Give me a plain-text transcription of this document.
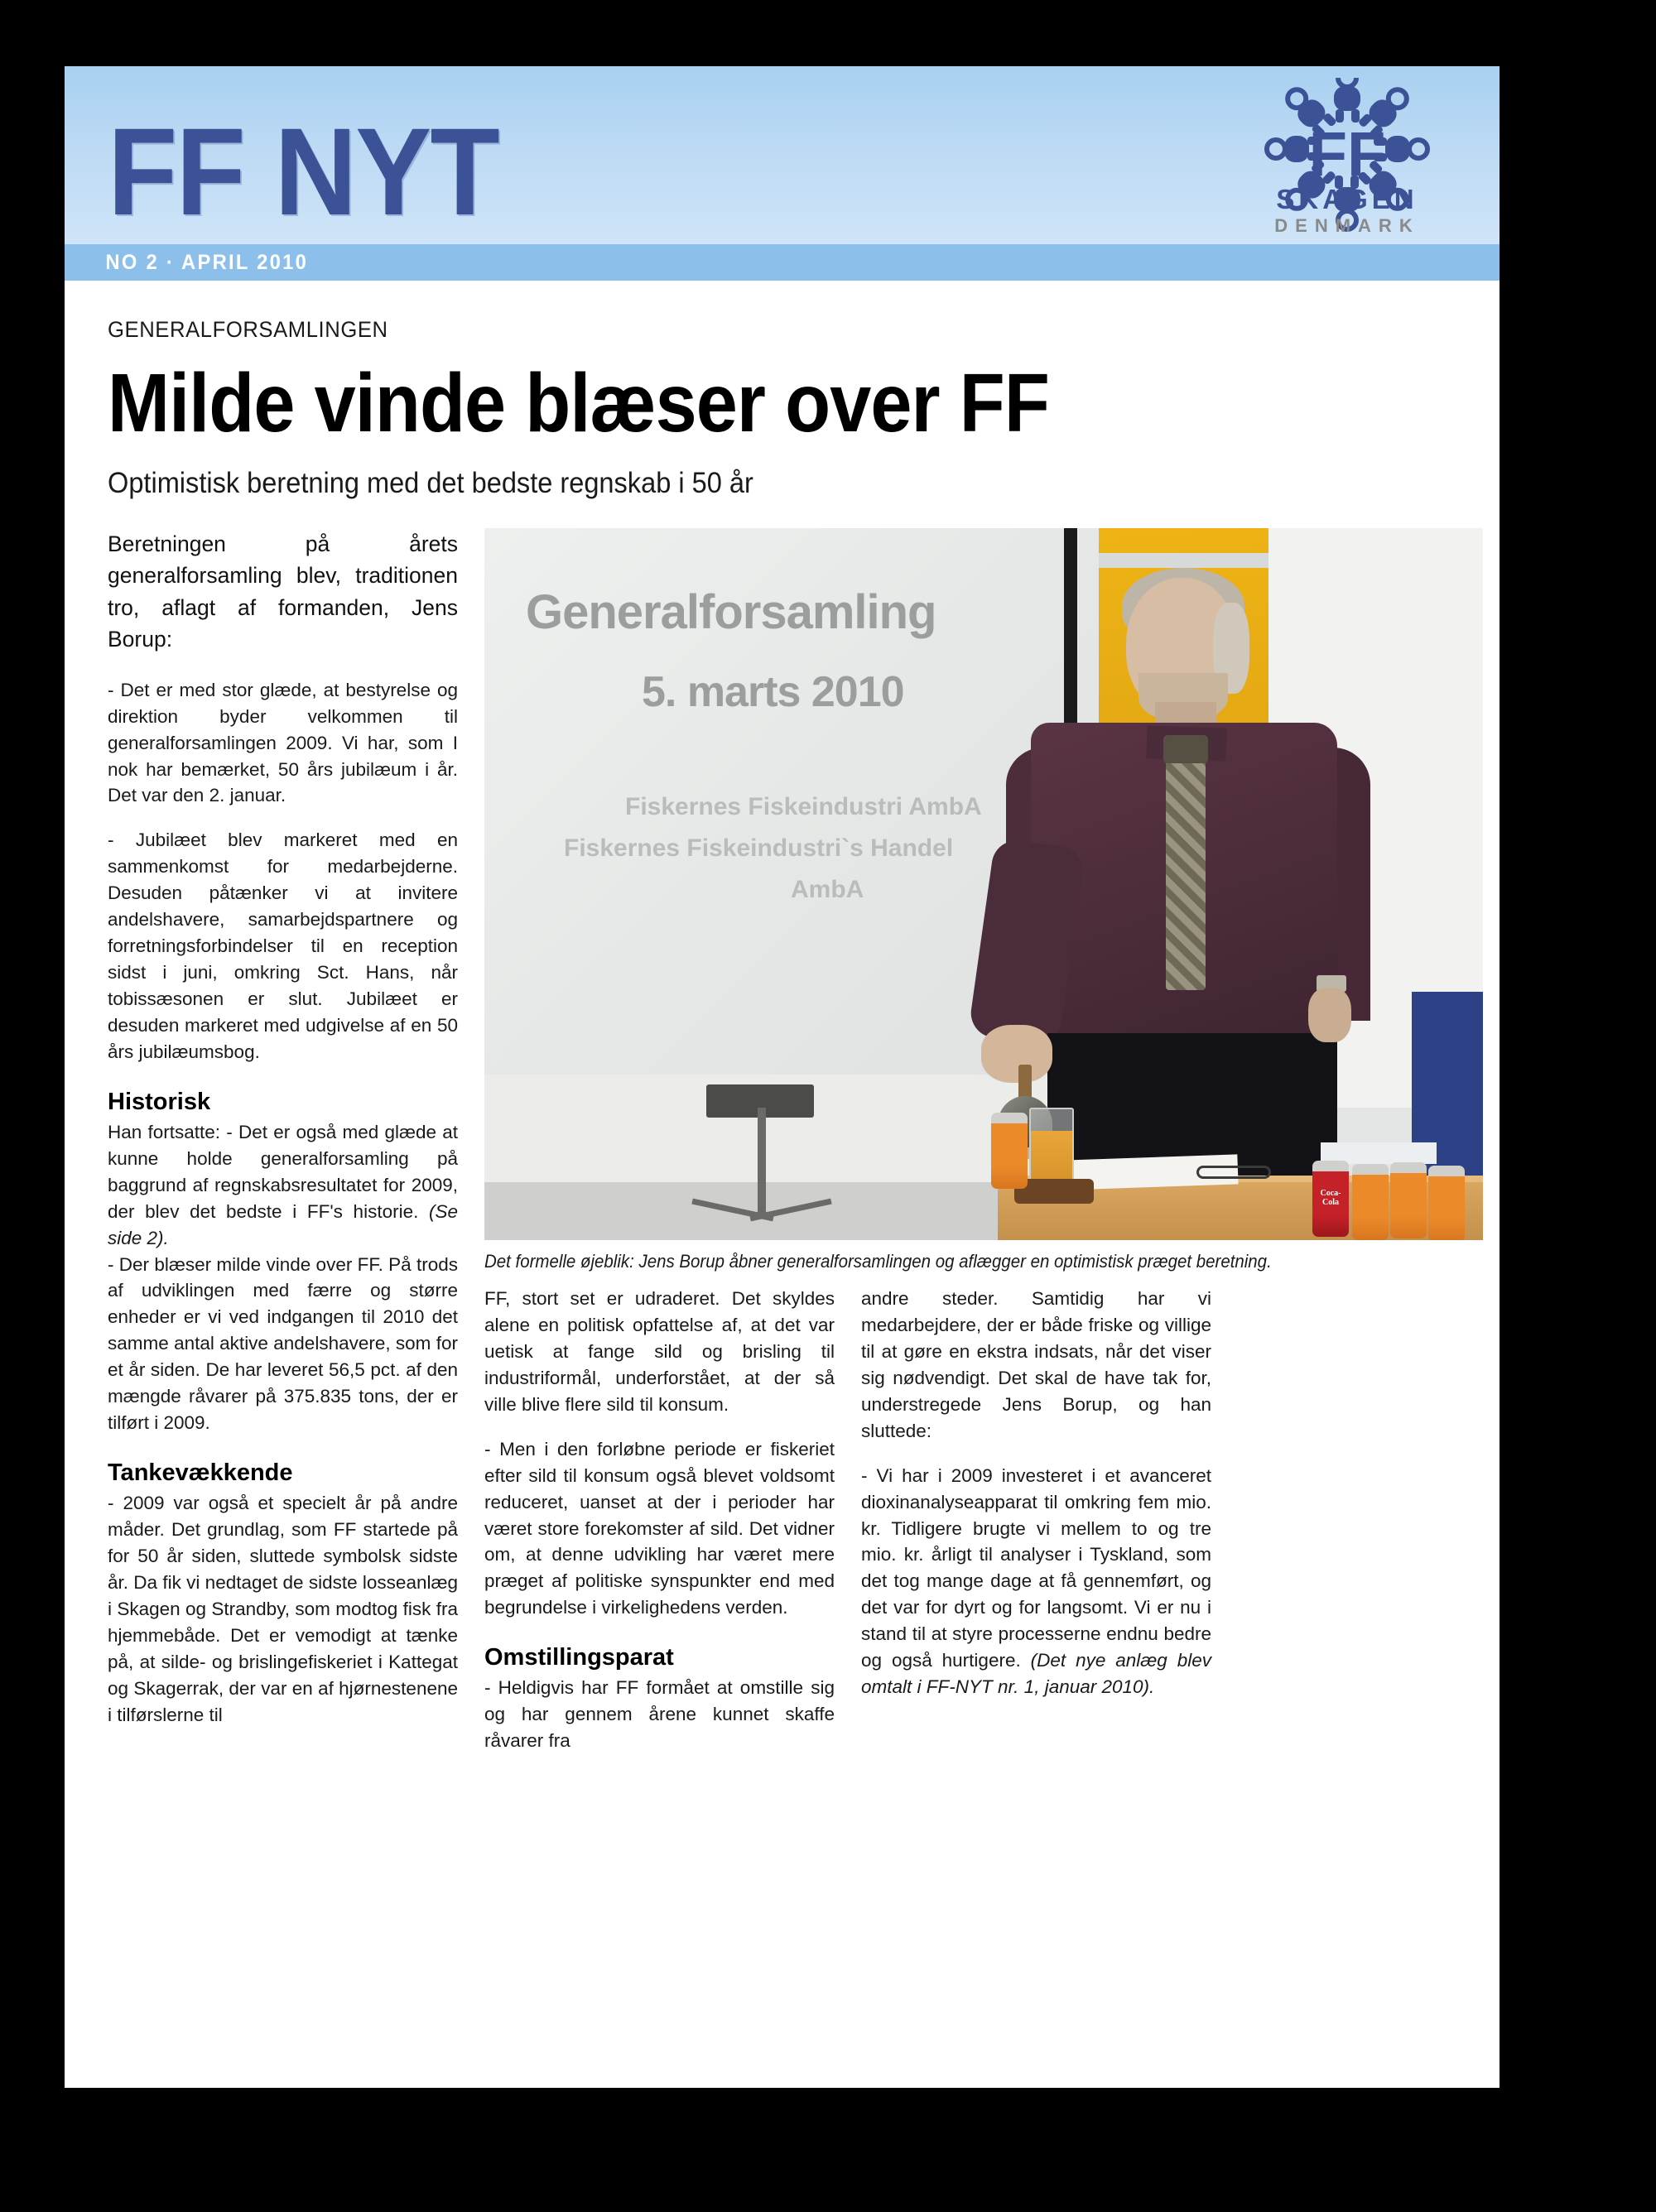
FF NYT	FF
SKAGEN
DENMARK
NO 2 · APRIL 2010
GENERALFORSAMLINGEN
Milde vinde blæser over FF
Optimistisk beretning med det bedste regnskab i 50 år

Beretningen på årets generalforsamling blev, traditionen tro, aflagt af formanden, Jens Borup:

- Det er med stor glæde, at bestyrelse og direktion byder velkommen til generalforsamlingen 2009. Vi har, som I nok har bemærket, 50 års jubilæum i år. Det var den 2. januar.

- Jubilæet blev markeret med en sammenkomst for medarbejderne. Desuden påtænker vi at invitere andelshavere, samarbejdspartnere og forretningsforbindelser til en reception sidst i juni, omkring Sct. Hans, når tobissæsonen er slut. Jubilæet er desuden markeret med udgivelse af en 50 års jubilæumsbog.

Historisk

Han fortsatte: - Det er også med glæde at kunne holde generalforsamling på baggrund af regnskabsresultatet for 2009, der blev det bedste i FF's historie. (Se side 2).

- Der blæser milde vinde over FF. På trods af udviklingen med færre og større enheder er vi ved indgangen til 2010 det samme antal aktive andelshavere, som for et år siden. De har leveret 56,5 pct. af den mængde råvarer på 375.835 tons, der er tilført i 2009.

Tankevækkende

- 2009 var også et specielt år på andre måder. Det grundlag, som FF startede på for 50 år siden, sluttede symbolsk sidste år. Da fik vi nedtaget de sidste losseanlæg i Skagen og Strandby, som modtog fisk fra hjemmebåde. Det er vemodigt at tænke på, at silde- og brislingefiskeriet i Kattegat og Skagerrak, der var en af hjørnestenene i tilførslerne til

Generalforsamling
5. marts 2010
Fiskernes Fiskeindustri AmbA
Fiskernes Fiskeindustri`s Handel
AmbA
Coca-Cola
Det formelle øjeblik: Jens Borup åbner generalforsamlingen og aflægger en optimistisk præget beretning.

FF, stort set er udraderet. Det skyldes alene en politisk opfattelse af, at det var uetisk at fange sild og brisling til industriformål, underforstået, at der så ville blive flere sild til konsum.

- Men i den forløbne periode er fiskeriet efter sild til konsum også blevet voldsomt reduceret, uanset at der i perioder har været store forekomster af sild. Det vidner om, at denne udvikling har været mere præget af politiske synspunkter end med begrundelse i virkelighedens verden.

Omstillingsparat

- Heldigvis har FF formået at omstille sig og har gennem årene kunnet skaffe råvarer fra

andre steder. Samtidig har vi medarbejdere, der er både friske og villige til at gøre en ekstra indsats, når det viser sig nødvendigt. Det skal de have tak for, understregede Jens Borup, og han sluttede:

- Vi har i 2009 investeret i et avanceret dioxinanalyseapparat til omkring fem mio. kr. Tidligere brugte vi mellem to og tre mio. kr. årligt til analyser i Tyskland, som det tog mange dage at få gennemført, og det var for dyrt og for langsomt. Vi er nu i stand til at styre processerne endnu bedre og også hurtigere. (Det nye anlæg blev omtalt i FF-NYT nr. 1, januar 2010).
